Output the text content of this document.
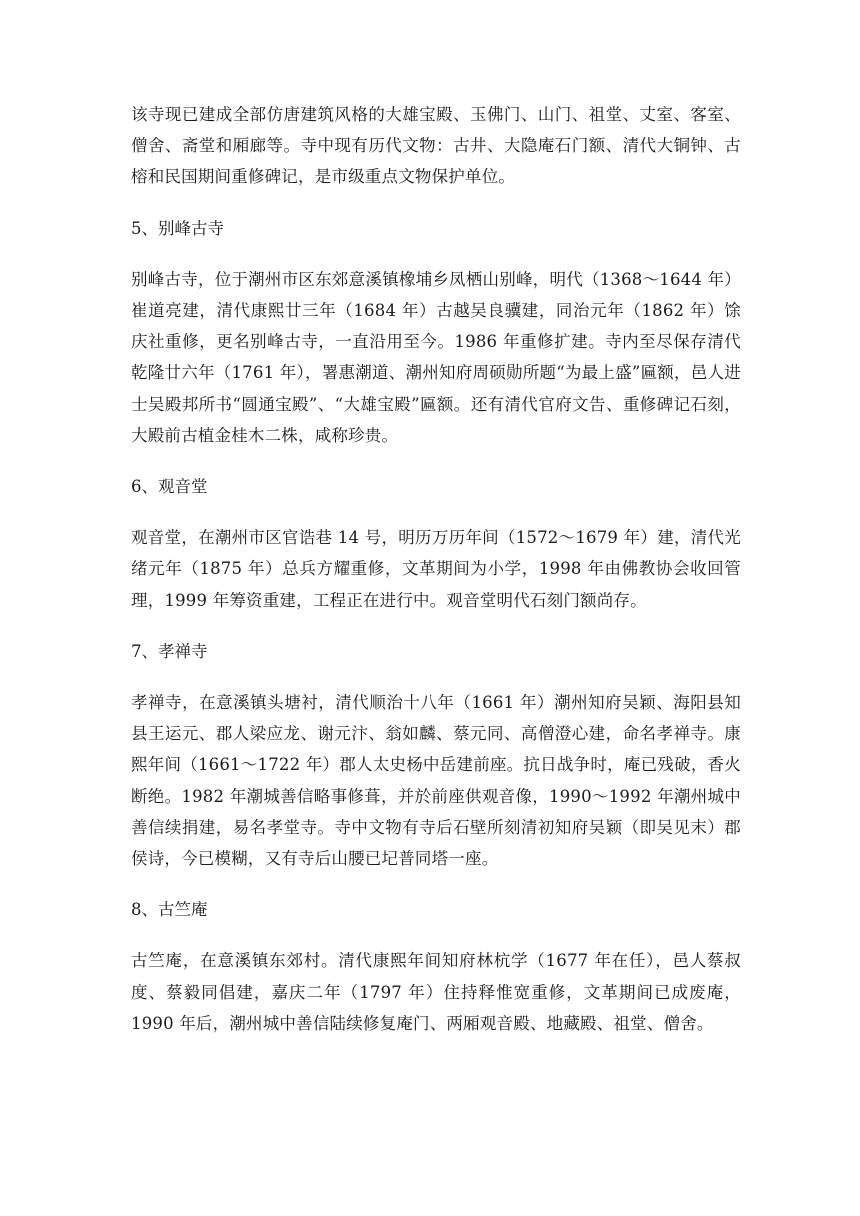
该寺现已建成全部仿唐建筑风格的大雄宝殿、玉佛门、山门、祖堂、丈室、客室、僧舍、斋堂和厢廊等。寺中现有历代文物：古井、大隐庵石门额、清代大铜钟、古榕和民国期间重修碑记，是市级重点文物保护单位。

5、别峰古寺

别峰古寺，位于潮州市区东郊意溪镇橡埔乡凤栖山别峰，明代（1368～1644 年）崔道亮建，清代康熙廿三年（1684 年）古越吴良骥建，同治元年（1862 年）馀庆社重修，更名别峰古寺，一直沿用至今。1986 年重修扩建。寺内至尽保存清代乾隆廿六年（1761 年），署惠潮道、潮州知府周硕勋所题“为最上盛”匾额，邑人进士吴殿邦所书“圆通宝殿”、“大雄宝殿”匾额。还有清代官府文告、重修碑记石刻，大殿前古植金桂木二株，咸称珍贵。

6、观音堂

观音堂，在潮州市区官诰巷 14 号，明历万历年间（1572～1679 年）建，清代光绪元年（1875 年）总兵方耀重修，文革期间为小学，1998 年由佛教协会收回管理，1999 年筹资重建，工程正在进行中。观音堂明代石刻门额尚存。

7、孝禅寺

孝禅寺，在意溪镇头塘衬，清代顺治十八年（1661 年）潮州知府吴颖、海阳县知县王运元、郡人梁应龙、谢元汴、翁如麟、蔡元同、高僧澄心建，命名孝禅寺。康熙年间（1661～1722 年）郡人太史杨中岳建前座。抗日战争时，庵已残破，香火断绝。1982 年潮城善信略事修葺，并於前座供观音像，1990～1992 年潮州城中善信续捐建，易名孝堂寺。寺中文物有寺后石壁所刻清初知府吴颖（即吴见末）郡侯诗，今已模糊，又有寺后山腰已圮普同塔一座。

8、古竺庵

古竺庵，在意溪镇东郊村。清代康熙年间知府林杭学（1677 年在任），邑人蔡叔度、蔡毅同倡建，嘉庆二年（1797 年）住持释惟宽重修，文革期间已成废庵，1990 年后，潮州城中善信陆续修复庵门、两厢观音殿、地藏殿、祖堂、僧舍。
